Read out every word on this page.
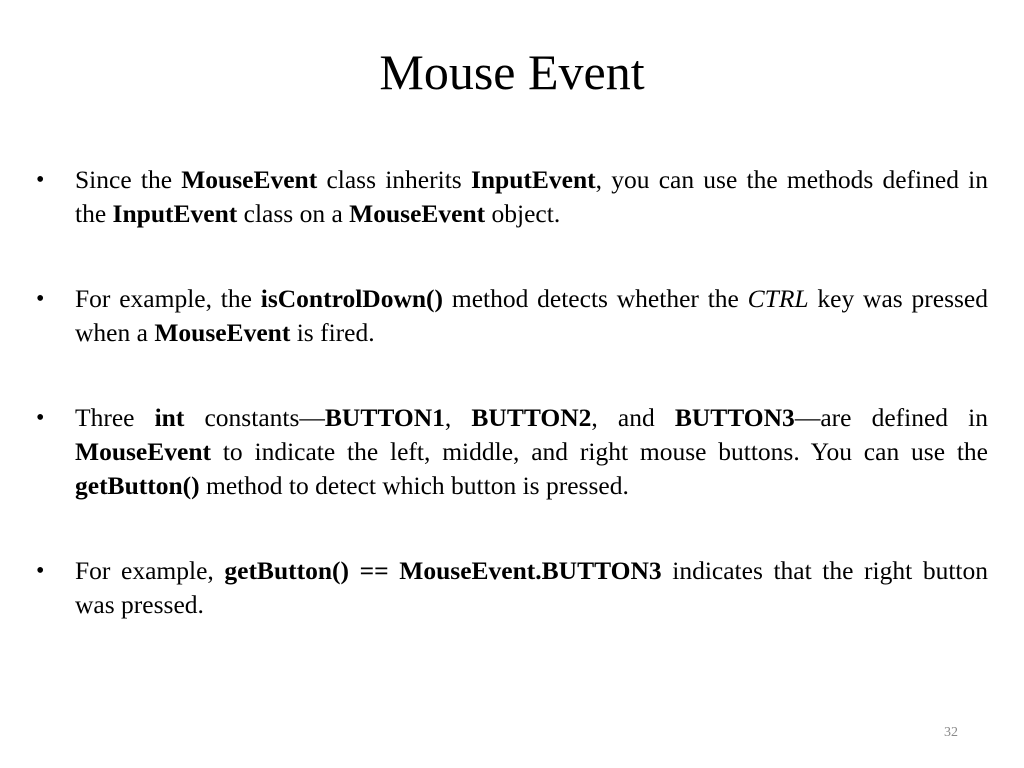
Mouse Event
• Since the MouseEvent class inherits InputEvent, you can use the methods defined in the InputEvent class on a MouseEvent object.
• For example, the isControlDown() method detects whether the CTRL key was pressed when a MouseEvent is fired.
• Three int constants—BUTTON1, BUTTON2, and BUTTON3—are defined in MouseEvent to indicate the left, middle, and right mouse buttons. You can use the getButton() method to detect which button is pressed.
• For example, getButton() == MouseEvent.BUTTON3 indicates that the right button was pressed.
32
